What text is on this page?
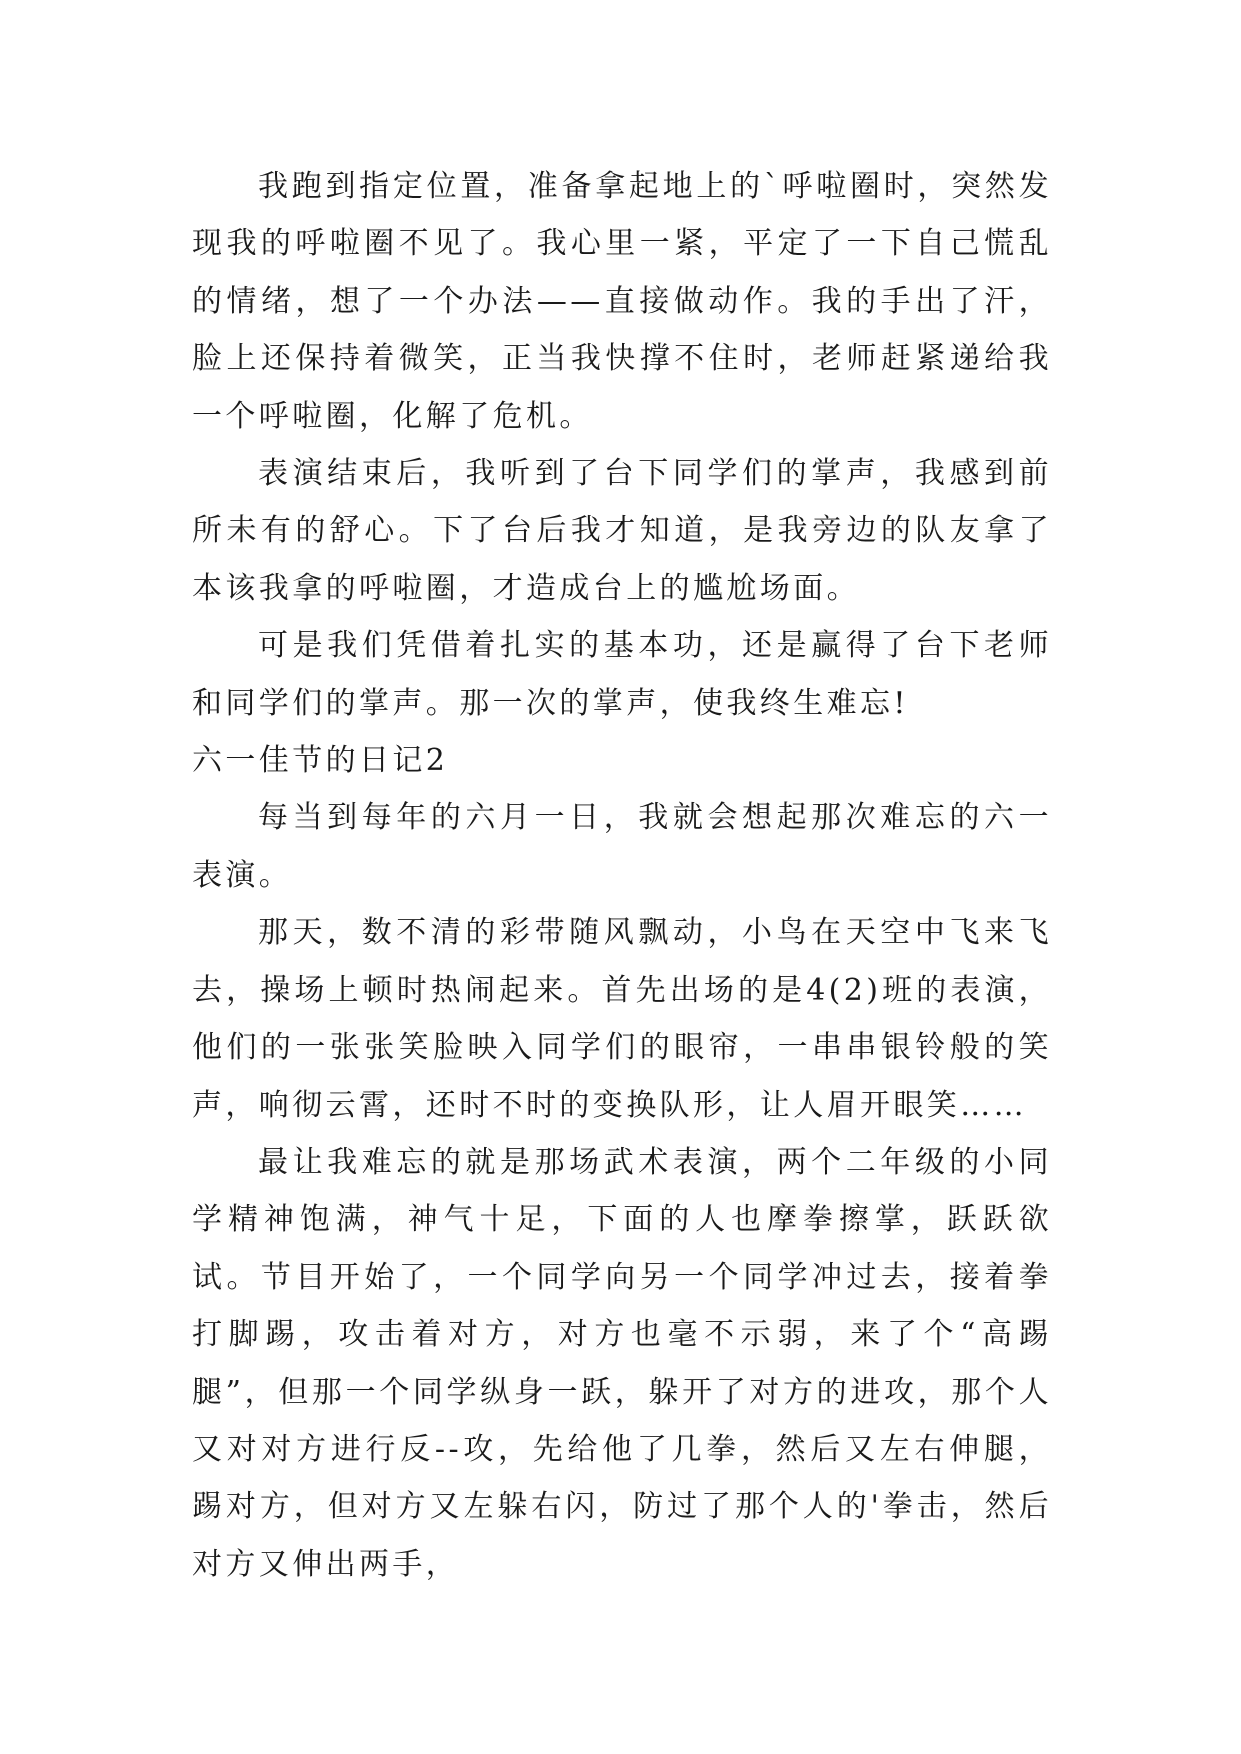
我跑到指定位置，准备拿起地上的`呼啦圈时，突然发现我的呼啦圈不见了。我心里一紧，平定了一下自己慌乱的情绪，想了一个办法——直接做动作。我的手出了汗，脸上还保持着微笑，正当我快撑不住时，老师赶紧递给我一个呼啦圈，化解了危机。

表演结束后，我听到了台下同学们的掌声，我感到前所未有的舒心。下了台后我才知道，是我旁边的队友拿了本该我拿的呼啦圈，才造成台上的尴尬场面。

可是我们凭借着扎实的基本功，还是赢得了台下老师和同学们的掌声。那一次的掌声，使我终生难忘!

六一佳节的日记2

每当到每年的六月一日，我就会想起那次难忘的六一表演。

那天，数不清的彩带随风飘动，小鸟在天空中飞来飞去，操场上顿时热闹起来。首先出场的是4(2)班的表演，他们的一张张笑脸映入同学们的眼帘，一串串银铃般的笑声，响彻云霄，还时不时的变换队形，让人眉开眼笑……

最让我难忘的就是那场武术表演，两个二年级的小同学精神饱满，神气十足，下面的人也摩拳擦掌，跃跃欲试。节目开始了，一个同学向另一个同学冲过去，接着拳打脚踢，攻击着对方，对方也毫不示弱，来了个“高踢腿”，但那一个同学纵身一跃，躲开了对方的进攻，那个人又对对方进行反--攻，先给他了几拳，然后又左右伸腿，踢对方，但对方又左躲右闪，防过了那个人的'拳击，然后对方又伸出两手，
